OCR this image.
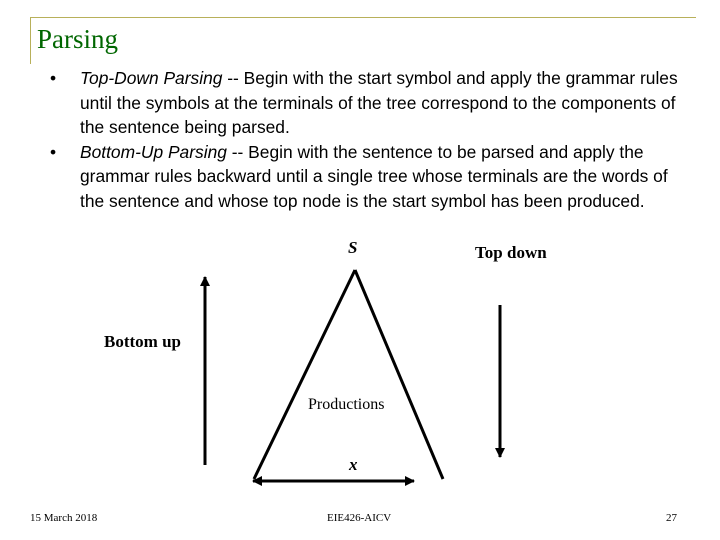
Parsing
•	Top-Down Parsing -- Begin with the start symbol and apply the grammar rules until the symbols at the terminals of the tree correspond to the components of the sentence being parsed.
•	Bottom-Up Parsing -- Begin with the sentence to be parsed and apply the grammar rules backward until a single tree whose terminals are the words of the sentence and whose top node is the start symbol has been produced.
S	Top down
Bottom up
Productions
x
15 March 2018	EIE426-AICV	27
